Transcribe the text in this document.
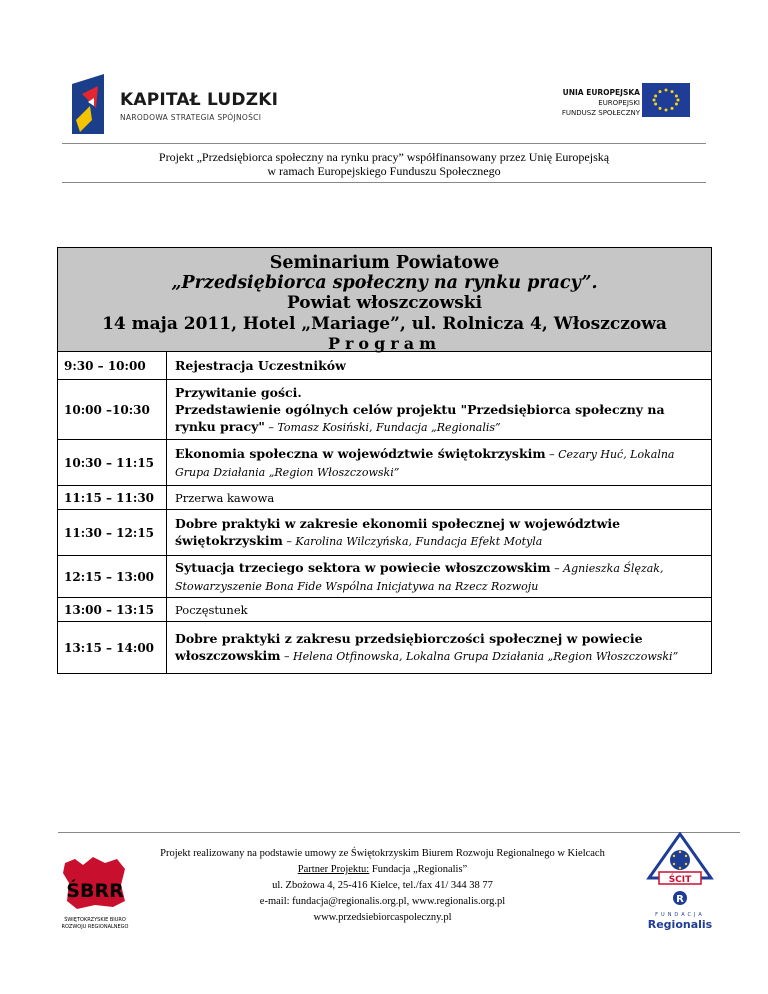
KAPITAŁ LUDZKI
NARODOWA STRATEGIA SPÓJNOŚCI
UNIA EUROPEJSKA
EUROPEJSKI
FUNDUSZ SPOŁECZNY
Projekt „Przedsiębiorca społeczny na rynku pracy” współfinansowany przez Unię Europejską
w ramach Europejskiego Funduszu Społecznego
Seminarium Powiatowe
„Przedsiębiorca społeczny na rynku pracy”.
Powiat włoszczowski
14 maja 2011, Hotel „Mariage”, ul. Rolnicza 4, Włoszczowa
Program
9:30 – 10:00	Rejestracja Uczestników
10:00 –10:30	Przywitanie gości.
Przedstawienie ogólnych celów projektu "Przedsiębiorca społeczny na rynku pracy" – Tomasz Kosiński, Fundacja „Regionalis”
10:30 – 11:15	Ekonomia społeczna w województwie świętokrzyskim – Cezary Huć, Lokalna Grupa Działania „Region Włoszczowski”
11:15 – 11:30	Przerwa kawowa
11:30 – 12:15	Dobre praktyki w zakresie ekonomii społecznej w województwie świętokrzyskim – Karolina Wilczyńska, Fundacja Efekt Motyla
12:15 – 13:00	Sytuacja trzeciego sektora w powiecie włoszczowskim – Agnieszka Ślęzak, Stowarzyszenie Bona Fide Wspólna Inicjatywa na Rzecz Rozwoju
13:00 – 13:15	Poczęstunek
13:15 – 14:00	Dobre praktyki z zakresu przedsiębiorczości społecznej w powiecie włoszczowskim – Helena Otfinowska, Lokalna Grupa Działania „Region Włoszczowski”
Projekt realizowany na podstawie umowy ze Świętokrzyskim Biurem Rozwoju Regionalnego w Kielcach
Partner Projektu: Fundacja „Regionalis”
ul. Zbożowa 4, 25-416 Kielce, tel./fax 41/ 344 38 77
e-mail: fundacja@regionalis.org.pl, www.regionalis.org.pl
www.przedsiebiorcaspoleczny.pl
ŚBRR
ŚWIĘTOKRZYSKIE BIURO
ROZWOJU REGIONALNEGO
ŚCIT
R
FUNDACJA
Regionalis
